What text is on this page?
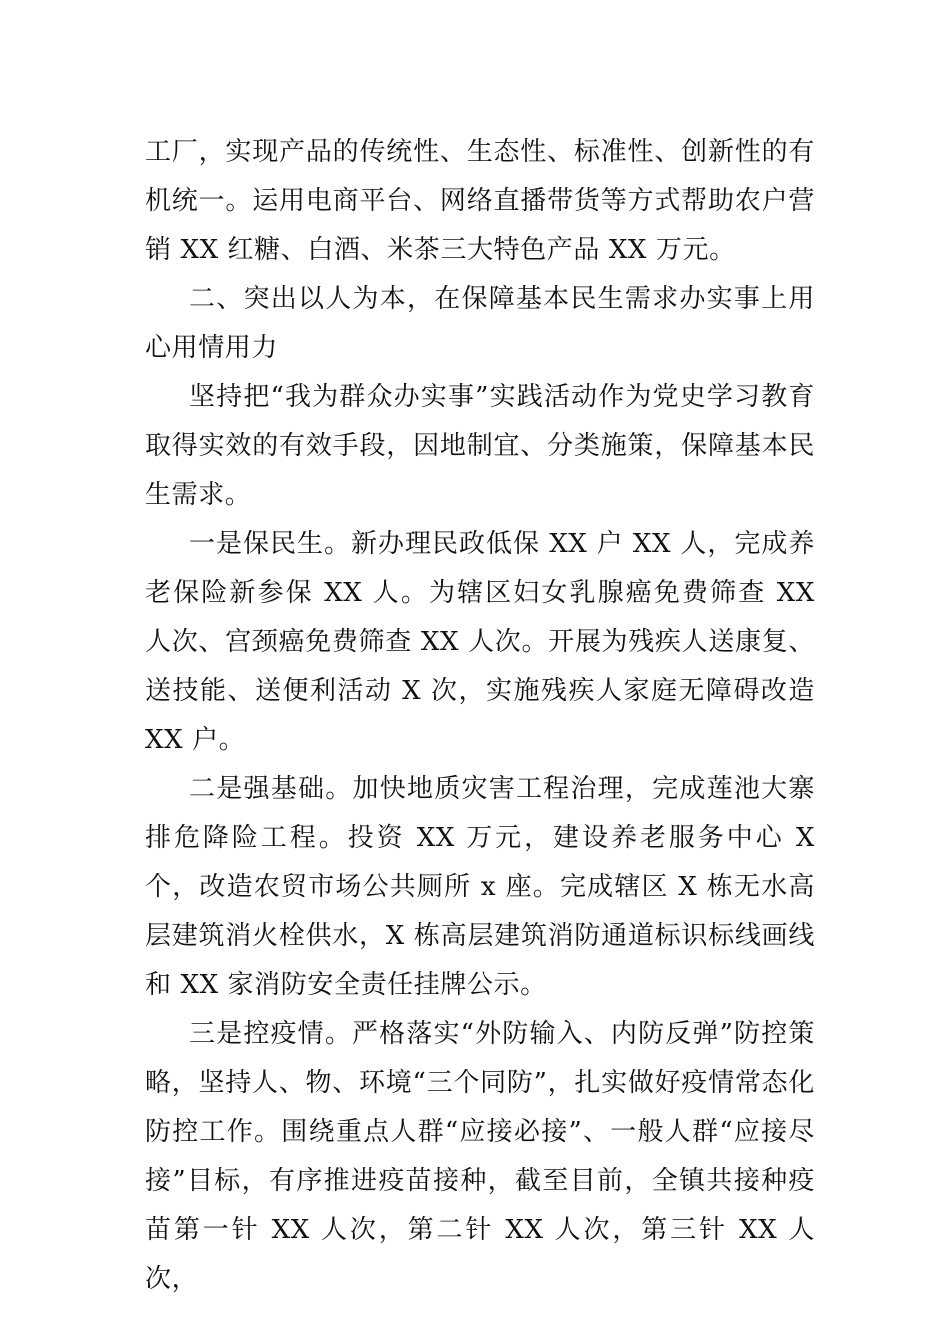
工厂，实现产品的传统性、生态性、标准性、创新性的有机统一。运用电商平台、网络直播带货等方式帮助农户营销 XX 红糖、白酒、米茶三大特色产品 XX 万元。

二、突出以人为本，在保障基本民生需求办实事上用心用情用力

坚持把“我为群众办实事”实践活动作为党史学习教育取得实效的有效手段，因地制宜、分类施策，保障基本民生需求。

一是保民生。新办理民政低保 XX 户 XX 人，完成养老保险新参保 XX 人。为辖区妇女乳腺癌免费筛查 XX 人次、宫颈癌免费筛查 XX 人次。开展为残疾人送康复、送技能、送便利活动 X 次，实施残疾人家庭无障碍改造 XX 户。

二是强基础。加快地质灾害工程治理，完成莲池大寨排危降险工程。投资 XX 万元，建设养老服务中心 X 个，改造农贸市场公共厕所 x 座。完成辖区 X 栋无水高层建筑消火栓供水，X 栋高层建筑消防通道标识标线画线和 XX 家消防安全责任挂牌公示。

三是控疫情。严格落实“外防输入、内防反弹”防控策略，坚持人、物、环境“三个同防”，扎实做好疫情常态化防控工作。围绕重点人群“应接必接”、一般人群“应接尽接”目标，有序推进疫苗接种，截至目前，全镇共接种疫苗第一针 XX 人次，第二针 XX 人次，第三针 XX 人次，
